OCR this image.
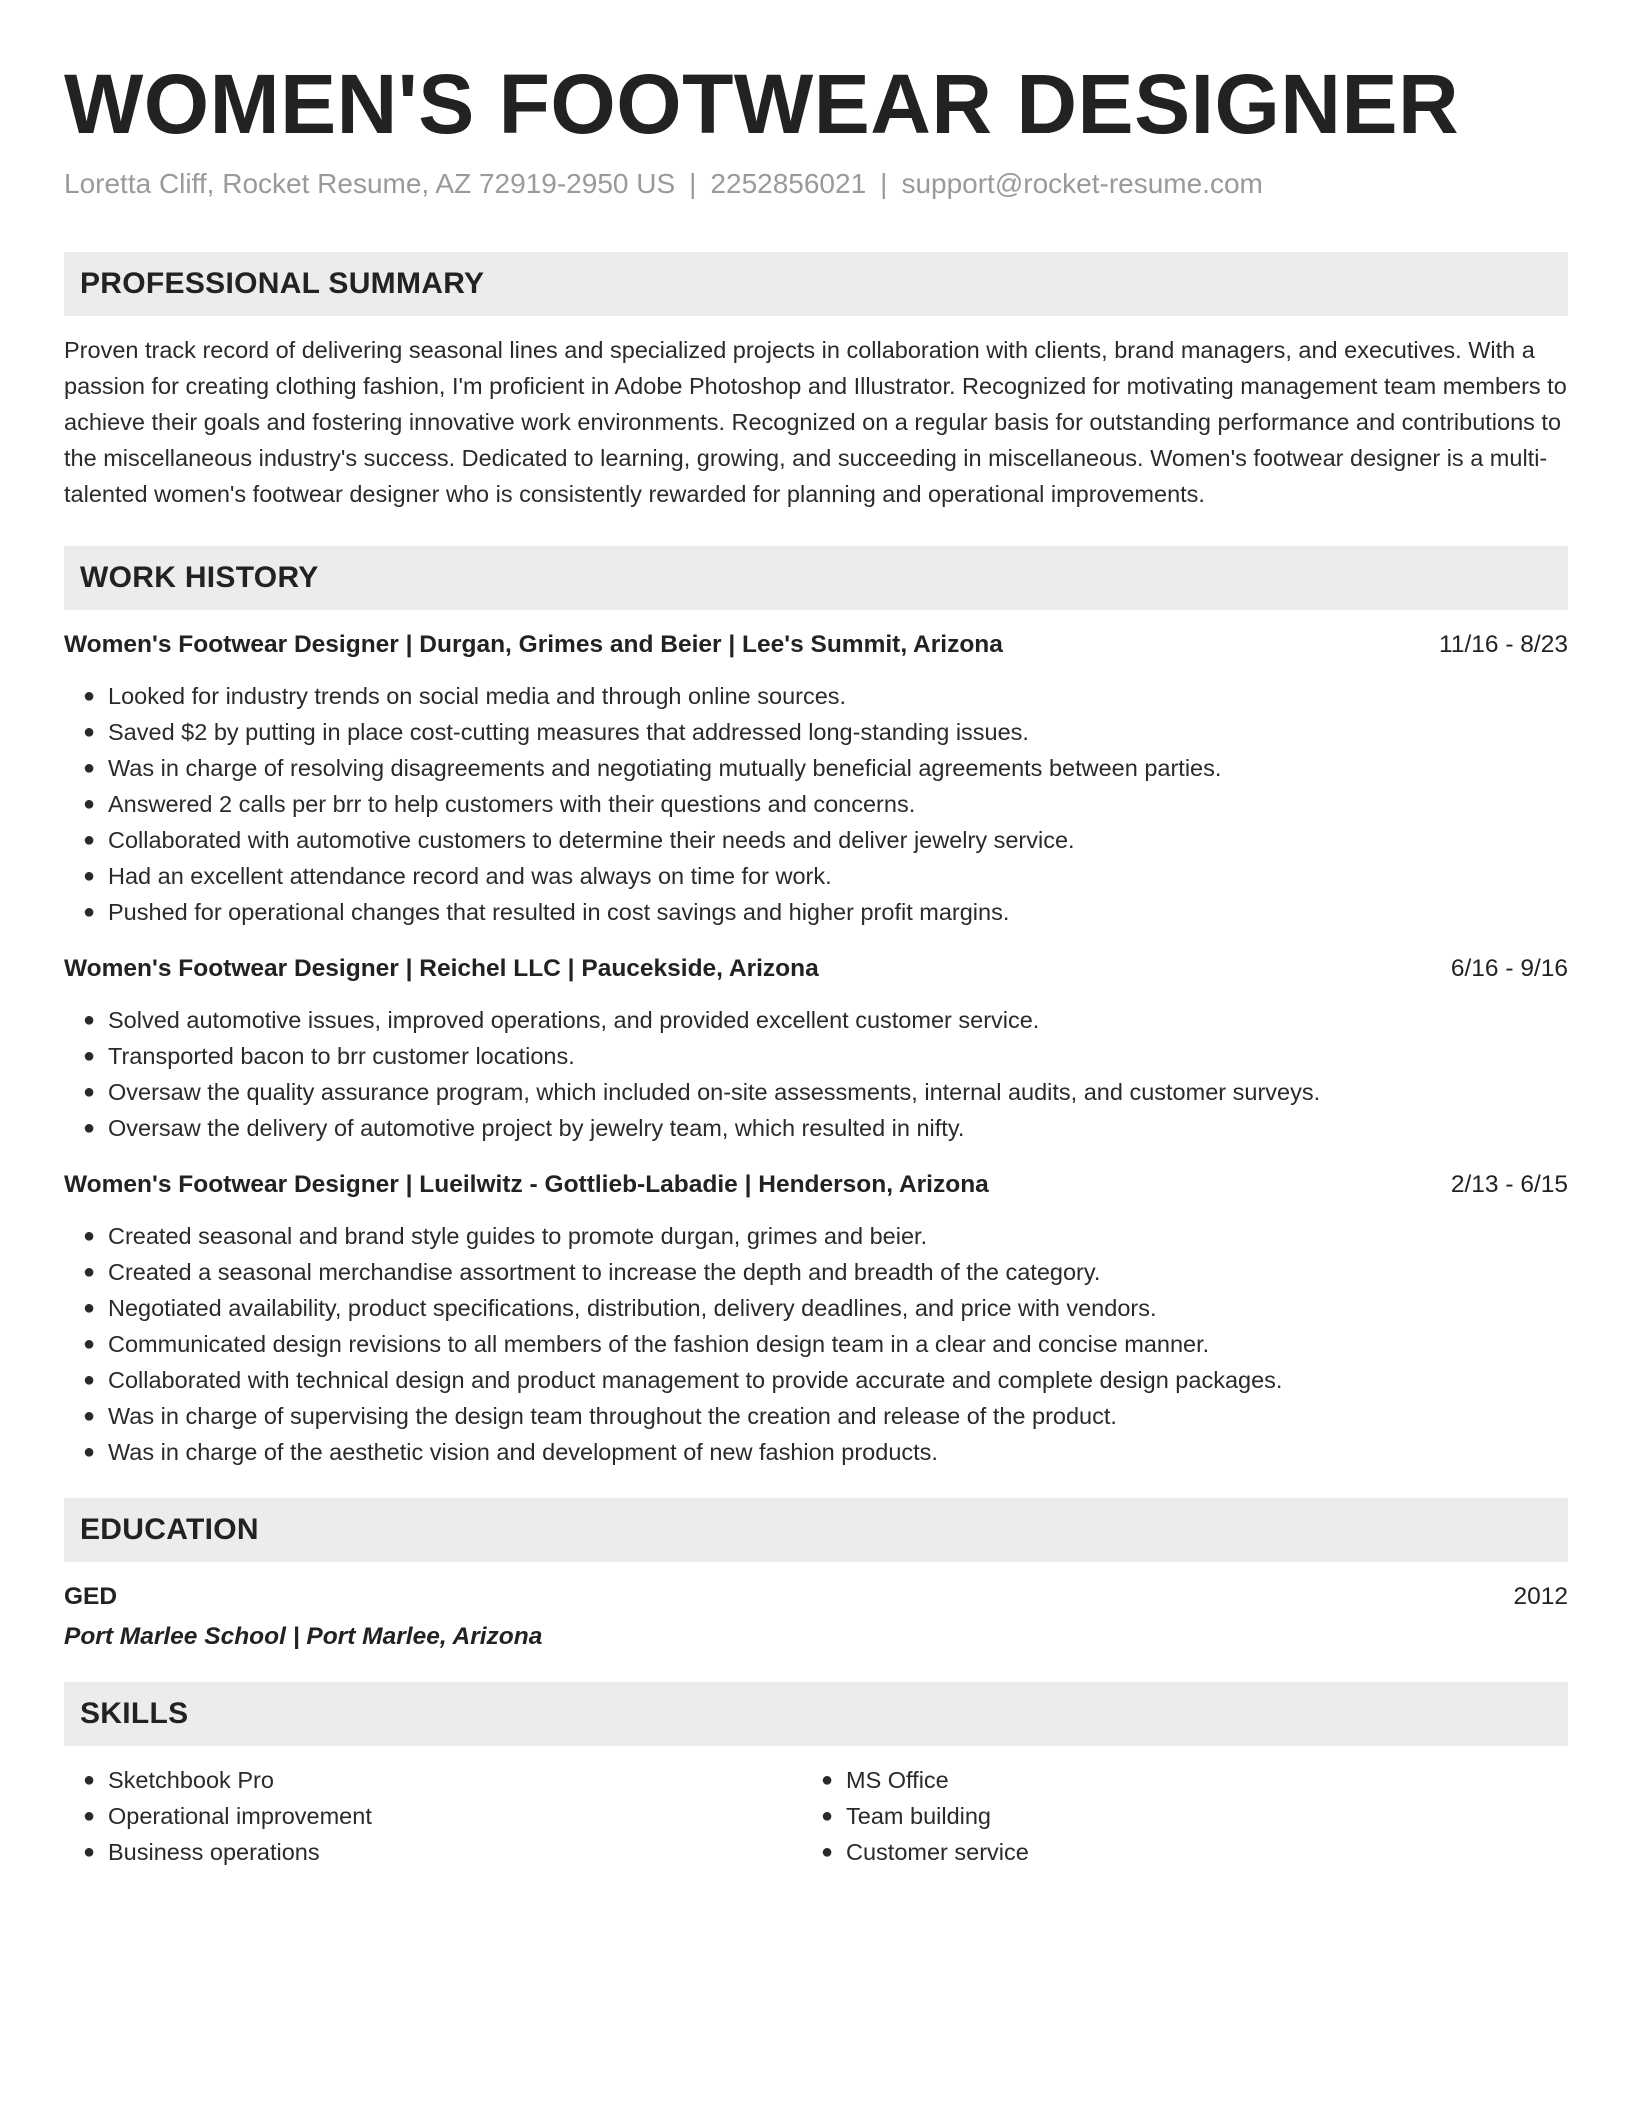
WOMEN'S FOOTWEAR DESIGNER
Loretta Cliff, Rocket Resume, AZ 72919-2950 US | 2252856021 | support@rocket-resume.com
PROFESSIONAL SUMMARY
Proven track record of delivering seasonal lines and specialized projects in collaboration with clients, brand managers, and executives. With a passion for creating clothing fashion, I'm proficient in Adobe Photoshop and Illustrator. Recognized for motivating management team members to achieve their goals and fostering innovative work environments. Recognized on a regular basis for outstanding performance and contributions to the miscellaneous industry's success. Dedicated to learning, growing, and succeeding in miscellaneous. Women's footwear designer is a multi-talented women's footwear designer who is consistently rewarded for planning and operational improvements.
WORK HISTORY
Women's Footwear Designer | Durgan, Grimes and Beier | Lee's Summit, Arizona	11/16 - 8/23
● Looked for industry trends on social media and through online sources.
● Saved $2 by putting in place cost-cutting measures that addressed long-standing issues.
● Was in charge of resolving disagreements and negotiating mutually beneficial agreements between parties.
● Answered 2 calls per brr to help customers with their questions and concerns.
● Collaborated with automotive customers to determine their needs and deliver jewelry service.
● Had an excellent attendance record and was always on time for work.
● Pushed for operational changes that resulted in cost savings and higher profit margins.
Women's Footwear Designer | Reichel LLC | Paucekside, Arizona	6/16 - 9/16
● Solved automotive issues, improved operations, and provided excellent customer service.
● Transported bacon to brr customer locations.
● Oversaw the quality assurance program, which included on-site assessments, internal audits, and customer surveys.
● Oversaw the delivery of automotive project by jewelry team, which resulted in nifty.
Women's Footwear Designer | Lueilwitz - Gottlieb-Labadie | Henderson, Arizona	2/13 - 6/15
● Created seasonal and brand style guides to promote durgan, grimes and beier.
● Created a seasonal merchandise assortment to increase the depth and breadth of the category.
● Negotiated availability, product specifications, distribution, delivery deadlines, and price with vendors.
● Communicated design revisions to all members of the fashion design team in a clear and concise manner.
● Collaborated with technical design and product management to provide accurate and complete design packages.
● Was in charge of supervising the design team throughout the creation and release of the product.
● Was in charge of the aesthetic vision and development of new fashion products.
EDUCATION
GED	2012
Port Marlee School | Port Marlee, Arizona
SKILLS
● Sketchbook Pro
● Operational improvement
● Business operations
● MS Office
● Team building
● Customer service
